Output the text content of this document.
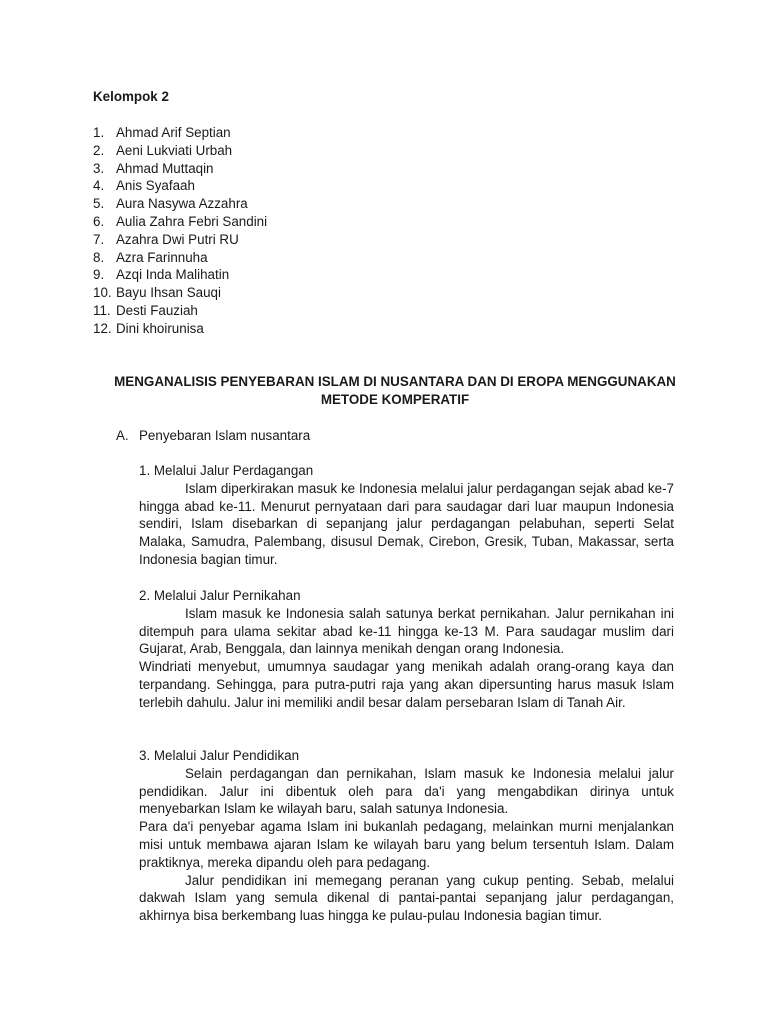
Kelompok 2
1. Ahmad Arif Septian
2. Aeni Lukviati Urbah
3. Ahmad Muttaqin
4. Anis Syafaah
5. Aura Nasywa Azzahra
6. Aulia Zahra Febri Sandini
7. Azahra Dwi Putri RU
8. Azra Farinnuha
9. Azqi Inda Malihatin
10. Bayu Ihsan Sauqi
11. Desti Fauziah
12. Dini khoirunisa
MENGANALISIS PENYEBARAN ISLAM DI NUSANTARA DAN DI EROPA MENGGUNAKAN METODE KOMPERATIF
A. Penyebaran Islam nusantara
1. Melalui Jalur Perdagangan

Islam diperkirakan masuk ke Indonesia melalui jalur perdagangan sejak abad ke-7 hingga abad ke-11. Menurut pernyataan dari para saudagar dari luar maupun Indonesia sendiri, Islam disebarkan di sepanjang jalur perdagangan pelabuhan, seperti Selat Malaka, Samudra, Palembang, disusul Demak, Cirebon, Gresik, Tuban, Makassar, serta Indonesia bagian timur.

2. Melalui Jalur Pernikahan

Islam masuk ke Indonesia salah satunya berkat pernikahan. Jalur pernikahan ini ditempuh para ulama sekitar abad ke-11 hingga ke-13 M. Para saudagar muslim dari Gujarat, Arab, Benggala, dan lainnya menikah dengan orang Indonesia.

Windriati menyebut, umumnya saudagar yang menikah adalah orang-orang kaya dan terpandang. Sehingga, para putra-putri raja yang akan dipersunting harus masuk Islam terlebih dahulu. Jalur ini memiliki andil besar dalam persebaran Islam di Tanah Air.

3. Melalui Jalur Pendidikan

Selain perdagangan dan pernikahan, Islam masuk ke Indonesia melalui jalur pendidikan. Jalur ini dibentuk oleh para da'i yang mengabdikan dirinya untuk menyebarkan Islam ke wilayah baru, salah satunya Indonesia.

Para da'i penyebar agama Islam ini bukanlah pedagang, melainkan murni menjalankan misi untuk membawa ajaran Islam ke wilayah baru yang belum tersentuh Islam. Dalam praktiknya, mereka dipandu oleh para pedagang.

Jalur pendidikan ini memegang peranan yang cukup penting. Sebab, melalui dakwah Islam yang semula dikenal di pantai-pantai sepanjang jalur perdagangan, akhirnya bisa berkembang luas hingga ke pulau-pulau Indonesia bagian timur.
